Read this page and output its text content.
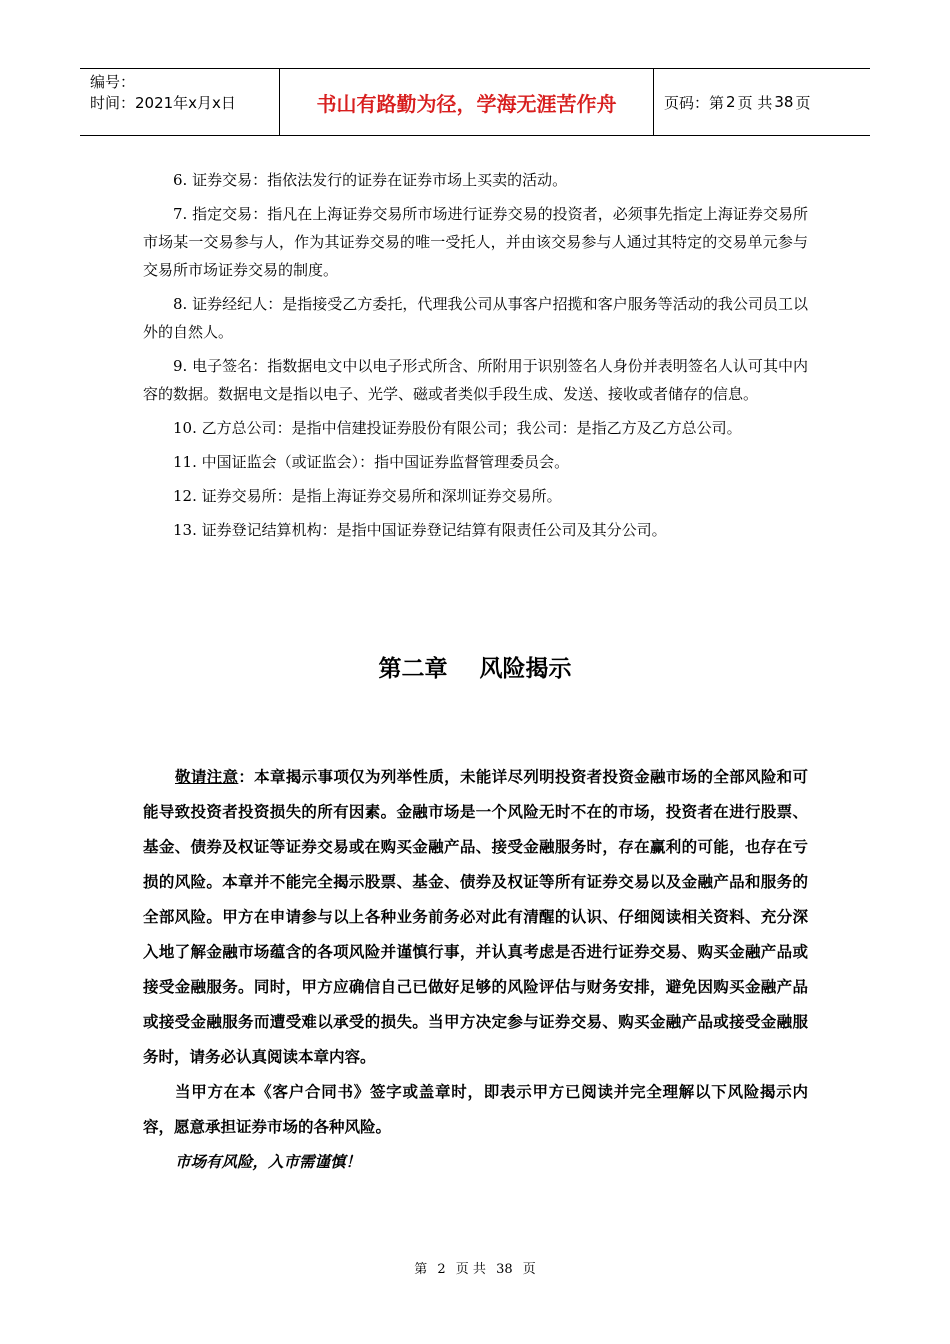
编号：
时间：2021年x月x日	书山有路勤为径，学海无涯苦作舟	页码：第 2 页 共 38 页

6. 证券交易：指依法发行的证券在证券市场上买卖的活动。

7. 指定交易：指凡在上海证券交易所市场进行证券交易的投资者，必须事先指定上海证券交易所市场某一交易参与人，作为其证券交易的唯一受托人，并由该交易参与人通过其特定的交易单元参与交易所市场证券交易的制度。

8. 证券经纪人：是指接受乙方委托，代理我公司从事客户招揽和客户服务等活动的我公司员工以外的自然人。

9. 电子签名：指数据电文中以电子形式所含、所附用于识别签名人身份并表明签名人认可其中内容的数据。数据电文是指以电子、光学、磁或者类似手段生成、发送、接收或者储存的信息。

10. 乙方总公司：是指中信建投证券股份有限公司；我公司：是指乙方及乙方总公司。

11. 中国证监会（或证监会）：指中国证券监督管理委员会。

12. 证券交易所：是指上海证券交易所和深圳证券交易所。

13. 证券登记结算机构：是指中国证券登记结算有限责任公司及其分公司。

第二章 风险揭示

敬请注意：本章揭示事项仅为列举性质，未能详尽列明投资者投资金融市场的全部风险和可能导致投资者投资损失的所有因素。金融市场是一个风险无时不在的市场，投资者在进行股票、基金、债券及权证等证券交易或在购买金融产品、接受金融服务时，存在赢利的可能，也存在亏损的风险。本章并不能完全揭示股票、基金、债券及权证等所有证券交易以及金融产品和服务的全部风险。甲方在申请参与以上各种业务前务必对此有清醒的认识、仔细阅读相关资料、充分深入地了解金融市场蕴含的各项风险并谨慎行事，并认真考虑是否进行证券交易、购买金融产品或接受金融服务。同时，甲方应确信自己已做好足够的风险评估与财务安排，避免因购买金融产品或接受金融服务而遭受难以承受的损失。当甲方决定参与证券交易、购买金融产品或接受金融服务时，请务必认真阅读本章内容。

当甲方在本《客户合同书》签字或盖章时，即表示甲方已阅读并完全理解以下风险揭示内容，愿意承担证券市场的各种风险。

市场有风险，入市需谨慎！

第 2 页 共 38 页
